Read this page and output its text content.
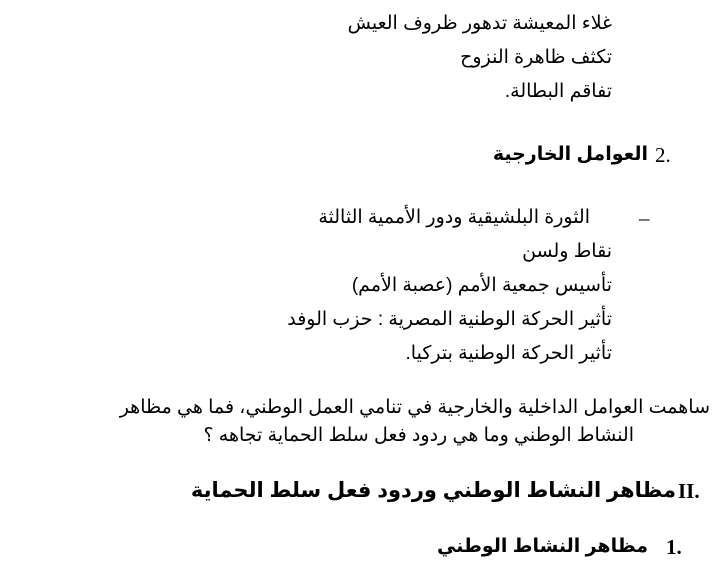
غلاء المعيشة تدهور ظروف العيش
تكثف ظاهرة النزوح
تفاقم البطالة.
2.
العوامل الخارجية
–
الثورة البلشيقية ودور الأممية الثالثة
نقاط ولسن
تأسيس جمعية الأمم (عصبة الأمم)
تأثير الحركة الوطنية المصرية : حزب الوفد
تأثير الحركة الوطنية بتركيا.
ساهمت العوامل الداخلية والخارجية في تنامي العمل الوطني، فما هي مظاهر
النشاط الوطني وما هي ردود فعل سلط الحماية تجاهه ؟
II.
مظاهر النشاط الوطني وردود فعل سلط الحماية
1.
مظاهر النشاط الوطني
